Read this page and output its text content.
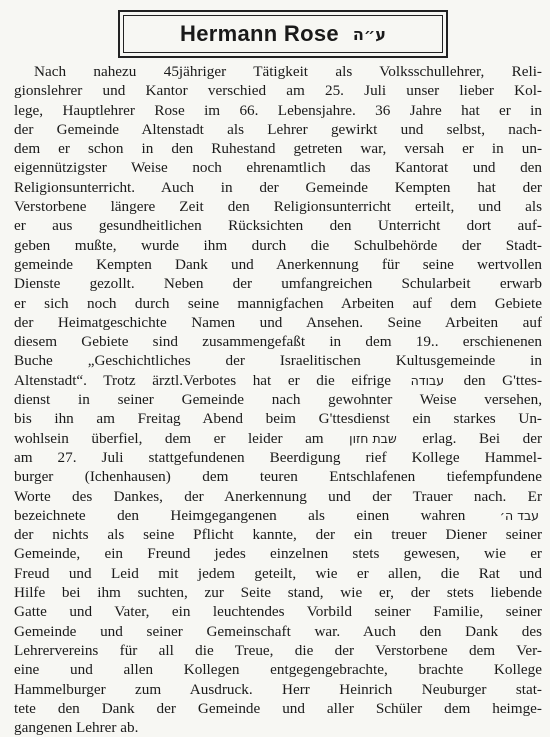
Hermann Rose ע״ה
Nach nahezu 45jähriger Tätigkeit als Volksschullehrer, Reli-
gionslehrer und Kantor verschied am 25. Juli unser lieber Kol-
lege, Hauptlehrer Rose im 66. Lebensjahre. 36 Jahre hat er in
der Gemeinde Altenstadt als Lehrer gewirkt und selbst, nach-
dem er schon in den Ruhestand getreten war, versah er in un-
eigennützigster Weise noch ehrenamtlich das Kantorat und den
Religionsunterricht. Auch in der Gemeinde Kempten hat der
Verstorbene längere Zeit den Religionsunterricht erteilt, und als
er aus gesundheitlichen Rücksichten den Unterricht dort auf-
geben mußte, wurde ihm durch die Schulbehörde der Stadt-
gemeinde Kempten Dank und Anerkennung für seine wertvollen
Dienste gezollt. Neben der umfangreichen Schularbeit erwarb
er sich noch durch seine mannigfachen Arbeiten auf dem Gebiete
der Heimatgeschichte Namen und Ansehen. Seine Arbeiten auf
diesem Gebiete sind zusammengefaßt in dem 19.. erschienenen
Buche „Geschichtliches der Israelitischen Kultusgemeinde in
Altenstadt“. Trotz ärztl.Verbotes hat er die eifrige עבודה den G'ttes-
dienst in seiner Gemeinde nach gewohnter Weise versehen,
bis ihn am Freitag Abend beim G'ttesdienst ein starkes Un-
wohlsein überfiel, dem er leider am שבת חזון erlag. Bei der
am 27. Juli stattgefundenen Beerdigung rief Kollege Hammel-
burger (Ichenhausen) dem teuren Entschlafenen tiefempfundene
Worte des Dankes, der Anerkennung und der Trauer nach. Er
bezeichnete den Heimgegangenen als einen wahren	עבד ה׳
der nichts als seine Pflicht kannte, der ein treuer Diener seiner
Gemeinde, ein Freund jedes einzelnen stets gewesen, wie er
Freud und Leid mit jedem geteilt, wie er allen, die Rat und
Hilfe bei ihm suchten, zur Seite stand, wie er, der stets liebende
Gatte und Vater, ein leuchtendes Vorbild seiner Familie, seiner
Gemeinde und seiner Gemeinschaft war. Auch den Dank des
Lehrervereins für all die Treue, die der Verstorbene dem Ver-
eine und allen Kollegen entgegengebrachte, brachte Kollege
Hammelburger zum Ausdruck. Herr Heinrich Neuburger stat-
tete den Dank der Gemeinde und aller Schüler dem heimge-
gangenen Lehrer ab.
